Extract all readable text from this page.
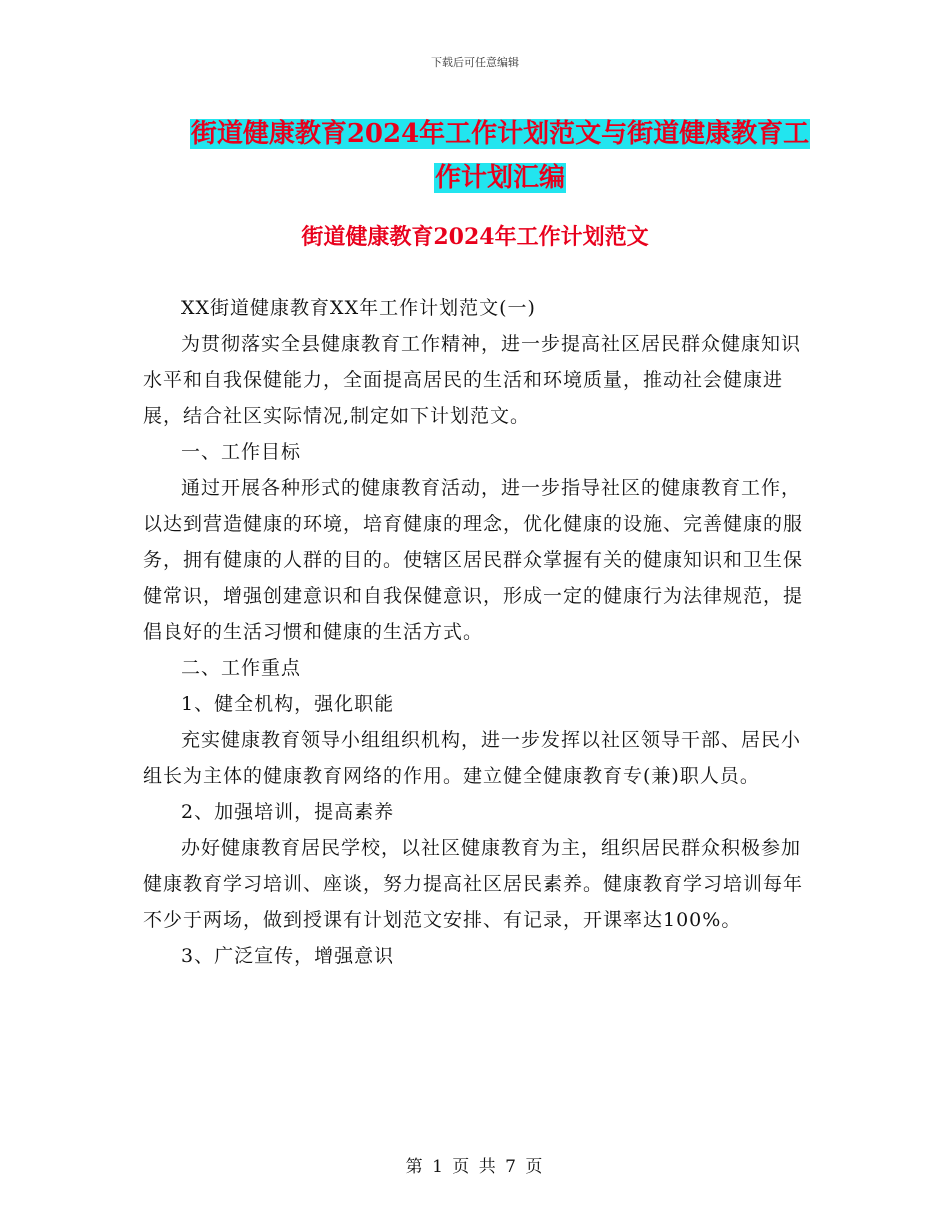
下载后可任意编辑
街道健康教育2024年工作计划范文与街道健康教育工
作计划汇编
街道健康教育2024年工作计划范文

XX街道健康教育XX年工作计划范文(一)

为贯彻落实全县健康教育工作精神，进一步提高社区居民群众健康知识水平和自我保健能力，全面提高居民的生活和环境质量，推动社会健康进展，结合社区实际情况,制定如下计划范文。

一、工作目标

通过开展各种形式的健康教育活动，进一步指导社区的健康教育工作，以达到营造健康的环境，培育健康的理念，优化健康的设施、完善健康的服务，拥有健康的人群的目的。使辖区居民群众掌握有关的健康知识和卫生保健常识，增强创建意识和自我保健意识，形成一定的健康行为法律规范，提倡良好的生活习惯和健康的生活方式。

二、工作重点

1、健全机构，强化职能

充实健康教育领导小组组织机构，进一步发挥以社区领导干部、居民小组长为主体的健康教育网络的作用。建立健全健康教育专(兼)职人员。

2、加强培训，提高素养

办好健康教育居民学校，以社区健康教育为主，组织居民群众积极参加健康教育学习培训、座谈，努力提高社区居民素养。健康教育学习培训每年不少于两场，做到授课有计划范文安排、有记录，开课率达100%。

3、广泛宣传，增强意识

第 1 页 共 7 页
